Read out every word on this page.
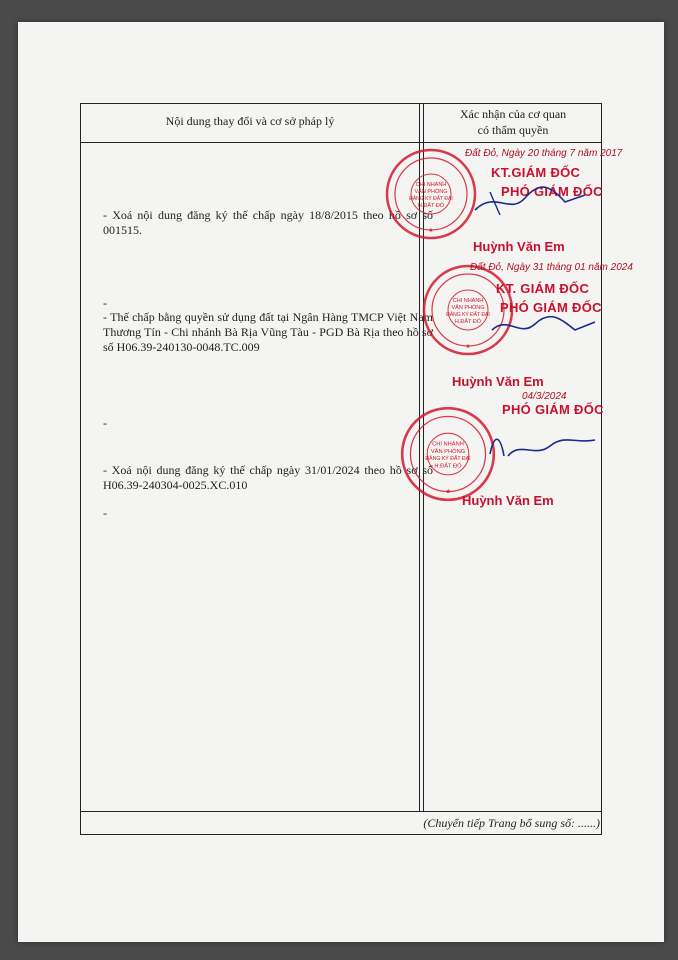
Nội dung thay đổi và cơ sở pháp lý	Xác nhận của cơ quan
có thẩm quyền
- Xoá nội dung đăng ký thế chấp ngày 18/8/2015 theo hồ sơ số 001515.
-
- Thế chấp bằng quyền sử dụng đất tại Ngân Hàng TMCP Việt Nam Thương Tín - Chi nhánh Bà Rịa Vũng Tàu - PGD Bà Rịa theo hồ sơ số H06.39-240130-0048.TC.009
-
- Xoá nội dung đăng ký thế chấp ngày 31/01/2024 theo hồ sơ số H06.39-240304-0025.XC.010
-
CHI NHÁNH
VĂN PHÒNG
ĐĂNG KÝ ĐẤT ĐAI
H.ĐẤT ĐỎ
★
CHI NHÁNH
VĂN PHÒNG
ĐĂNG KÝ ĐẤT ĐAI
H.ĐẤT ĐỎ
★
CHI NHÁNH
VĂN PHÒNG
ĐĂNG KÝ ĐẤT ĐAI
H.ĐẤT ĐỎ
★
Đất Đỏ, Ngày 20 tháng 7 năm 2017
KT.GIÁM ĐỐC
PHÓ GIÁM ĐỐC
Huỳnh Văn Em
Đất Đỏ, Ngày 31 tháng 01 năm 2024
KT. GIÁM ĐỐC
PHÓ GIÁM ĐỐC
Huỳnh Văn Em
04/3/2024
PHÓ GIÁM ĐỐC
Huỳnh Văn Em
(Chuyển tiếp Trang bổ sung số: ......)
